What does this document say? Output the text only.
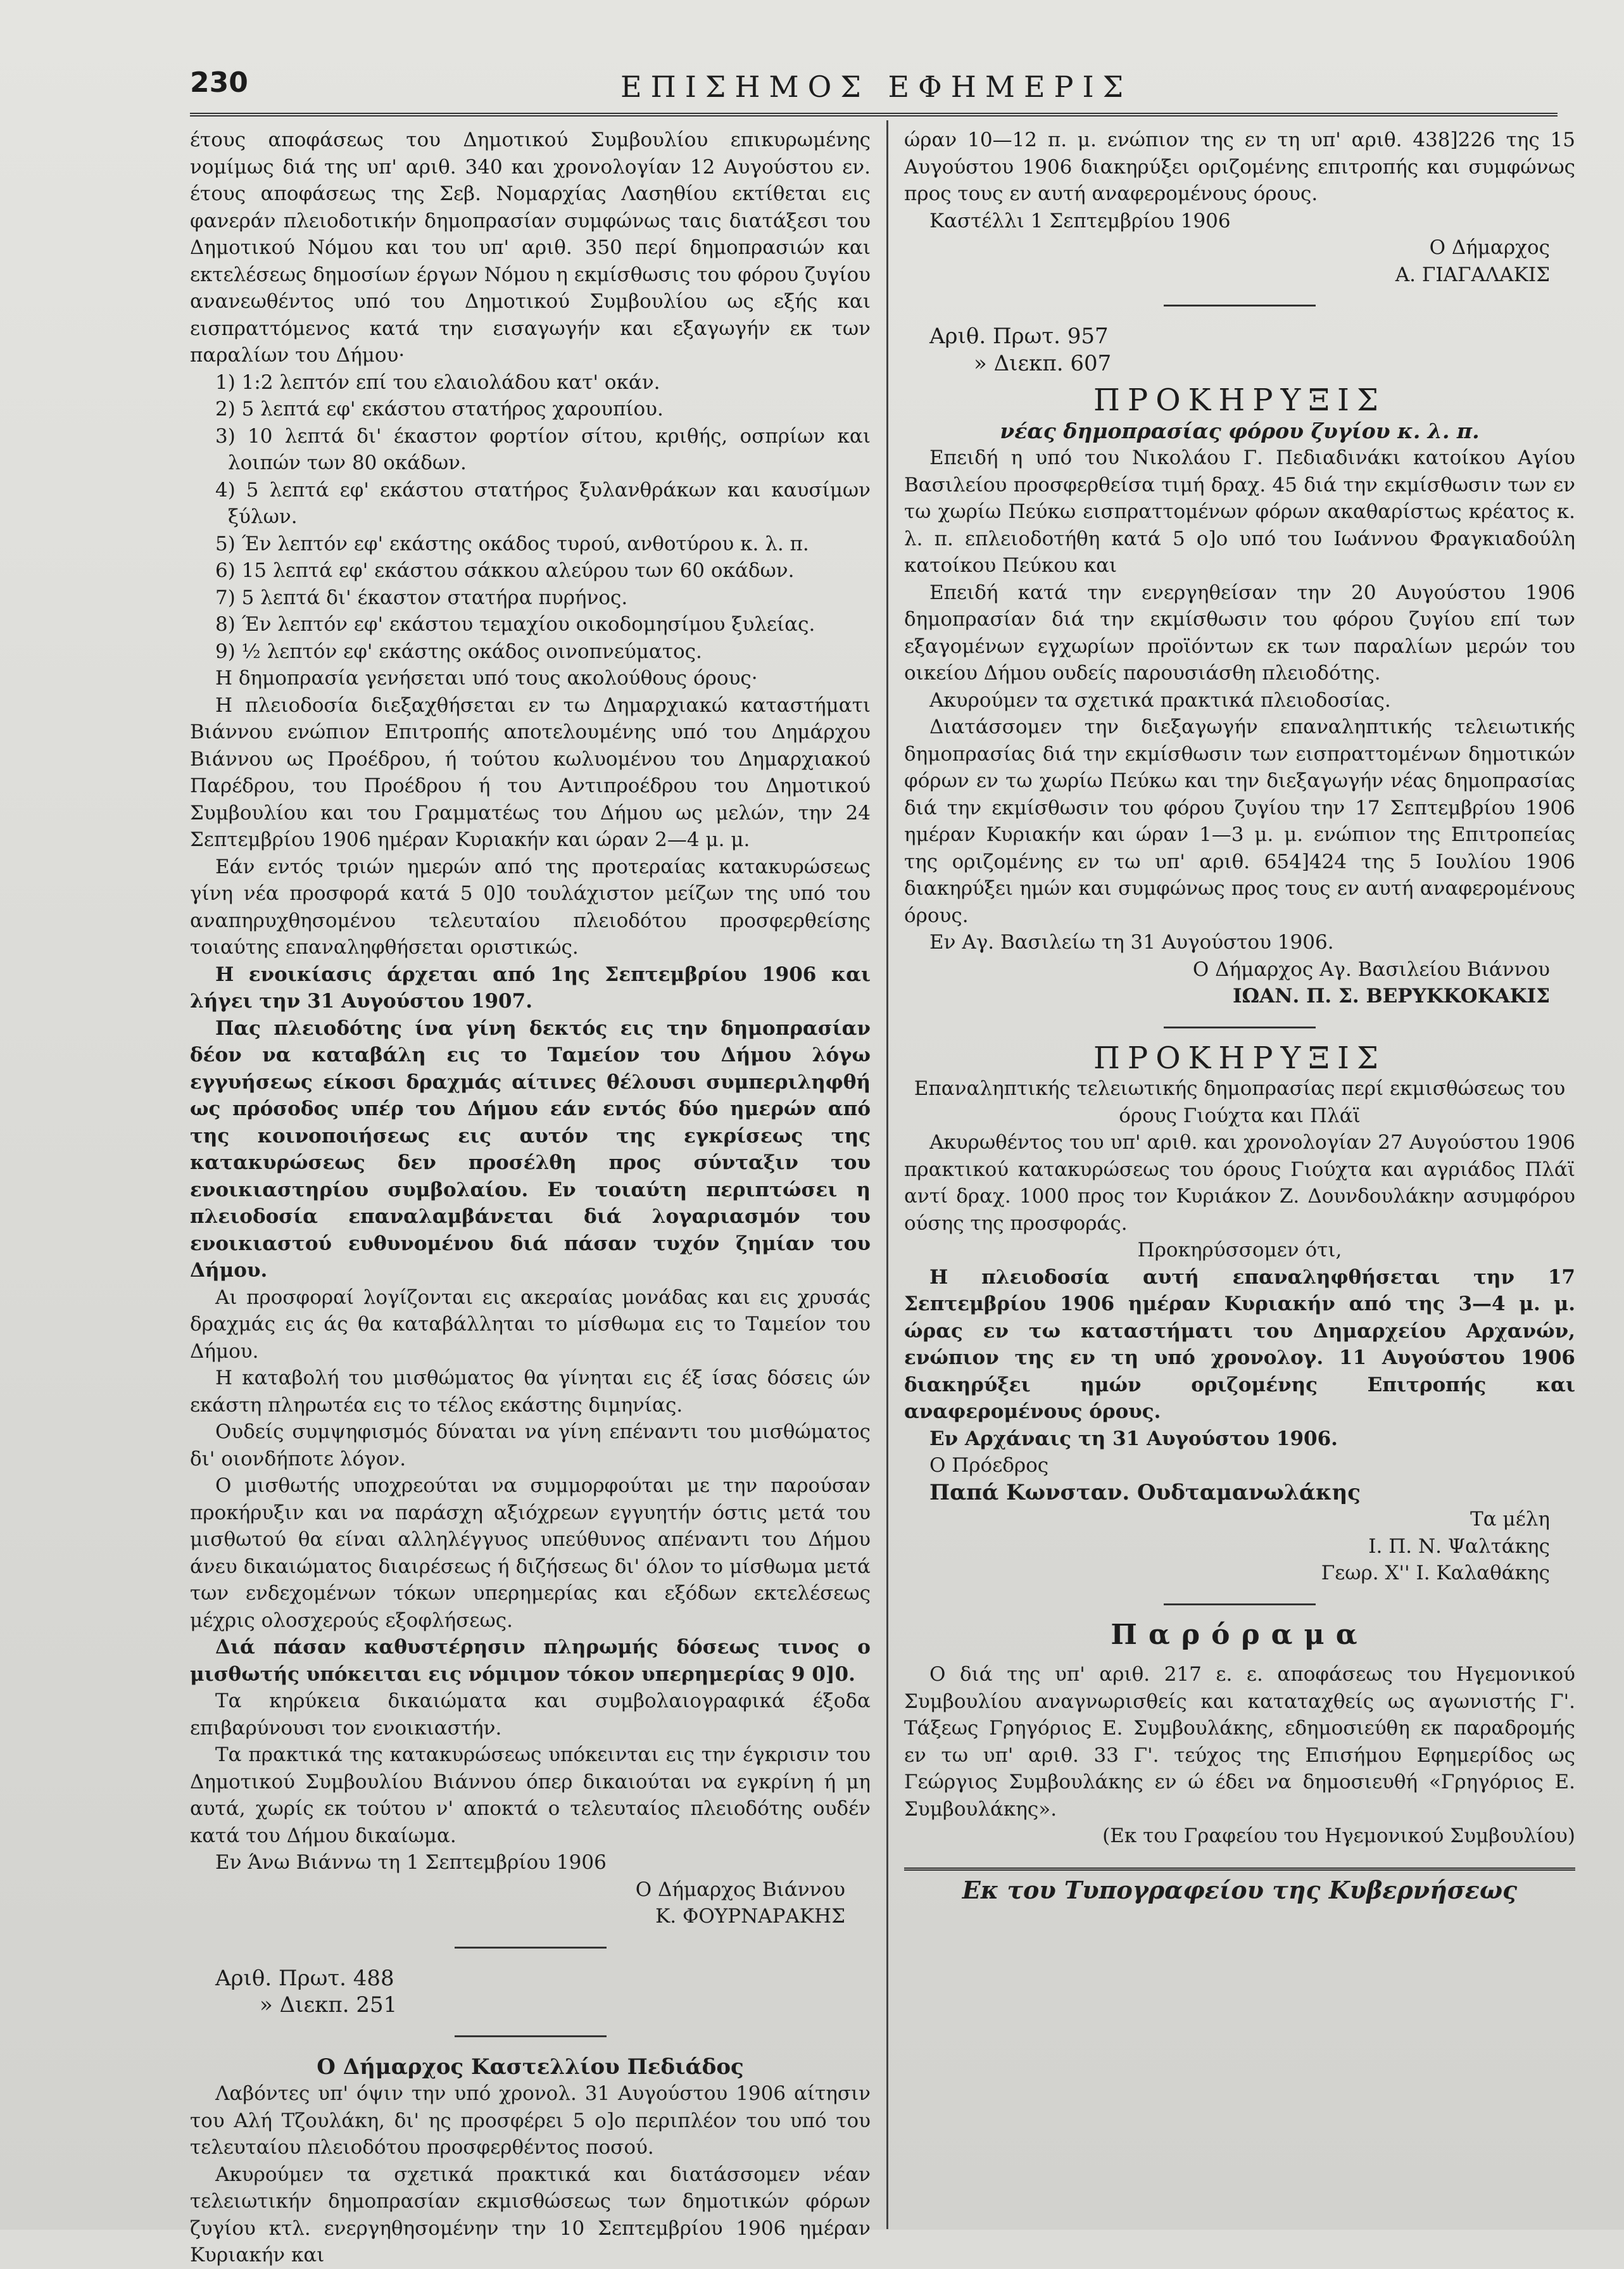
230	ΕΠΙΣΗΜΟΣ ΕΦΗΜΕΡΙΣ

έτους αποφάσεως του Δημοτικού Συμβουλίου επικυρωμένης νομίμως διά της υπ' αριθ. 340 και χρονολογίαν 12 Αυγούστου εν. έτους αποφάσεως της Σεβ. Νομαρχίας Λασηθίου εκτίθεται εις φανεράν πλειοδοτικήν δημοπρασίαν συμφώνως ταις διατάξεσι του Δημοτικού Νόμου και του υπ' αριθ. 350 περί δημοπρασιών και εκτελέσεως δημοσίων έργων Νόμου η εκμίσθωσις του φόρου ζυγίου ανανεωθέντος υπό του Δημοτικού Συμβουλίου ως εξής και εισπραττόμενος κατά την εισαγωγήν και εξαγωγήν εκ των παραλίων του Δήμου·

1) 1:2 λεπτόν επί του ελαιολάδου κατ' οκάν.

2) 5 λεπτά εφ' εκάστου στατήρος χαρουπίου.

3) 10 λεπτά δι' έκαστον φορτίον σίτου, κριθής, οσπρίων και λοιπών των 80 οκάδων.

4) 5 λεπτά εφ' εκάστου στατήρος ξυλανθράκων και καυσίμων ξύλων.

5) Έν λεπτόν εφ' εκάστης οκάδος τυρού, ανθοτύρου κ. λ. π.

6) 15 λεπτά εφ' εκάστου σάκκου αλεύρου των 60 οκάδων.

7) 5 λεπτά δι' έκαστον στατήρα πυρήνος.

8) Έν λεπτόν εφ' εκάστου τεμαχίου οικοδομησίμου ξυλείας.

9) ½ λεπτόν εφ' εκάστης οκάδος οινοπνεύματος.

Η δημοπρασία γενήσεται υπό τους ακολούθους όρους·

Η πλειοδοσία διεξαχθήσεται εν τω Δημαρχιακώ καταστήματι Βιάννου ενώπιον Επιτροπής αποτελουμένης υπό του Δημάρχου Βιάννου ως Προέδρου, ή τούτου κωλυομένου του Δημαρχιακού Παρέδρου, του Προέδρου ή του Αντιπροέδρου του Δημοτικού Συμβουλίου και του Γραμματέως του Δήμου ως μελών, την 24 Σεπτεμβρίου 1906 ημέραν Κυριακήν και ώραν 2—4 μ. μ.

Εάν εντός τριών ημερών από της προτεραίας κατακυρώσεως γίνη νέα προσφορά κατά 5 0]0 τουλάχιστον μείζων της υπό του αναπηρυχθησομένου τελευταίου πλειοδότου προσφερθείσης τοιαύτης επαναληφθήσεται οριστικώς.

Η ενοικίασις άρχεται από 1ης Σεπτεμβρίου 1906 και λήγει την 31 Αυγούστου 1907.

Πας πλειοδότης ίνα γίνη δεκτός εις την δημοπρασίαν δέον να καταβάλη εις το Ταμείον του Δήμου λόγω εγγυήσεως είκοσι δραχμάς αίτινες θέλουσι συμπεριληφθή ως πρόσοδος υπέρ του Δήμου εάν εντός δύο ημερών από της κοινοποιήσεως εις αυτόν της εγκρίσεως της κατακυρώσεως δεν προσέλθη προς σύνταξιν του ενοικιαστηρίου συμβολαίου. Εν τοιαύτη περιπτώσει η πλειοδοσία επαναλαμβάνεται διά λογαριασμόν του ενοικιαστού ευθυνομένου διά πάσαν τυχόν ζημίαν του Δήμου.

Αι προσφοραί λογίζονται εις ακεραίας μονάδας και εις χρυσάς δραχμάς εις άς θα καταβάλληται το μίσθωμα εις το Ταμείον του Δήμου.

Η καταβολή του μισθώματος θα γίνηται εις έξ ίσας δόσεις ών εκάστη πληρωτέα εις το τέλος εκάστης διμηνίας.

Ουδείς συμψηφισμός δύναται να γίνη επέναντι του μισθώματος δι' οιονδήποτε λόγον.

Ο μισθωτής υποχρεούται να συμμορφούται με την παρούσαν προκήρυξιν και να παράσχη αξιόχρεων εγγυητήν όστις μετά του μισθωτού θα είναι αλληλέγγυος υπεύθυνος απέναντι του Δήμου άνευ δικαιώματος διαιρέσεως ή διζήσεως δι' όλον το μίσθωμα μετά των ενδεχομένων τόκων υπερημερίας και εξόδων εκτελέσεως μέχρις ολοσχερούς εξοφλήσεως.

Διά πάσαν καθυστέρησιν πληρωμής δόσεως τινος ο μισθωτής υπόκειται εις νόμιμον τόκον υπερημερίας 9 0]0.

Τα κηρύκεια δικαιώματα και συμβολαιογραφικά έξοδα επιβαρύνουσι τον ενοικιαστήν.

Τα πρακτικά της κατακυρώσεως υπόκεινται εις την έγκρισιν του Δημοτικού Συμβουλίου Βιάννου όπερ δικαιούται να εγκρίνη ή μη αυτά, χωρίς εκ τούτου ν' αποκτά ο τελευταίος πλειοδότης ουδέν κατά του Δήμου δικαίωμα.

Εν Άνω Βιάννω τη 1 Σεπτεμβρίου 1906

Ο Δήμαρχος Βιάννου

Κ. ΦΟΥΡΝΑΡΑΚΗΣ

Αριθ. Πρωτ. 488

» Διεκπ. 251

Ο Δήμαρχος Καστελλίου Πεδιάδος

Λαβόντες υπ' όψιν την υπό χρονολ. 31 Αυγούστου 1906 αίτησιν του Αλή Τζουλάκη, δι' ης προσφέρει 5 ο]ο περιπλέον του υπό του τελευταίου πλειοδότου προσφερθέντος ποσού.

Ακυρούμεν τα σχετικά πρακτικά και διατάσσομεν νέαν τελειωτικήν δημοπρασίαν εκμισθώσεως των δημοτικών φόρων ζυγίου κτλ. ενεργηθησομένην την 10 Σεπτεμβρίου 1906 ημέραν Κυριακήν και

ώραν 10—12 π. μ. ενώπιον της εν τη υπ' αριθ. 438]226 της 15 Αυγούστου 1906 διακηρύξει οριζομένης επιτροπής και συμφώνως προς τους εν αυτή αναφερομένους όρους.

Καστέλλι 1 Σεπτεμβρίου 1906

Ο Δήμαρχος

Α. ΓΙΑΓΑΛΑΚΙΣ

Αριθ. Πρωτ. 957

» Διεκπ. 607

ΠΡΟΚΗΡΥΞΙΣ

νέας δημοπρασίας φόρου ζυγίου κ. λ. π.

Επειδή η υπό του Νικολάου Γ. Πεδιαδινάκι κατοίκου Αγίου Βασιλείου προσφερθείσα τιμή δραχ. 45 διά την εκμίσθωσιν των εν τω χωρίω Πεύκω εισπραττομένων φόρων ακαθαρίστως κρέατος κ. λ. π. επλειοδοτήθη κατά 5 ο]ο υπό του Ιωάννου Φραγκιαδούλη κατοίκου Πεύκου και

Επειδή κατά την ενεργηθείσαν την 20 Αυγούστου 1906 δημοπρασίαν διά την εκμίσθωσιν του φόρου ζυγίου επί των εξαγομένων εγχωρίων προϊόντων εκ των παραλίων μερών του οικείου Δήμου ουδείς παρουσιάσθη πλειοδότης.

Ακυρούμεν τα σχετικά πρακτικά πλειοδοσίας.

Διατάσσομεν την διεξαγωγήν επαναληπτικής τελειωτικής δημοπρασίας διά την εκμίσθωσιν των εισπραττομένων δημοτικών φόρων εν τω χωρίω Πεύκω και την διεξαγωγήν νέας δημοπρασίας διά την εκμίσθωσιν του φόρου ζυγίου την 17 Σεπτεμβρίου 1906 ημέραν Κυριακήν και ώραν 1—3 μ. μ. ενώπιον της Επιτροπείας της οριζομένης εν τω υπ' αριθ. 654]424 της 5 Ιουλίου 1906 διακηρύξει ημών και συμφώνως προς τους εν αυτή αναφερομένους όρους.

Εν Αγ. Βασιλείω τη 31 Αυγούστου 1906.

Ο Δήμαρχος Αγ. Βασιλείου Βιάννου

ΙΩΑΝ. Π. Σ. ΒΕΡΥΚΚΟΚΑΚΙΣ

ΠΡΟΚΗΡΥΞΙΣ

Επαναληπτικής τελειωτικής δημοπρασίας περί εκμισθώσεως του όρους Γιούχτα και Πλάϊ

Ακυρωθέντος του υπ' αριθ. και χρονολογίαν 27 Αυγούστου 1906 πρακτικού κατακυρώσεως του όρους Γιούχτα και αγριάδος Πλάϊ αντί δραχ. 1000 προς τον Κυριάκον Ζ. Δουνδουλάκην ασυμφόρου ούσης της προσφοράς.

Προκηρύσσομεν ότι,

Η πλειοδοσία αυτή επαναληφθήσεται την 17 Σεπτεμβρίου 1906 ημέραν Κυριακήν από της 3—4 μ. μ. ώρας εν τω καταστήματι του Δημαρχείου Αρχανών, ενώπιον της εν τη υπό χρονολογ. 11 Αυγούστου 1906 διακηρύξει ημών οριζομένης Επιτροπής και αναφερομένους όρους.

Εν Αρχάναις τη 31 Αυγούστου 1906.

Ο Πρόεδρος

Παπά Κωνσταν. Ουδταμανωλάκης

Τα μέλη

Ι. Π. Ν. Ψαλτάκης

Γεωρ. Χ'' Ι. Καλαθάκης

Παρόραμα

Ο διά της υπ' αριθ. 217 ε. ε. αποφάσεως του Ηγεμονικού Συμβουλίου αναγνωρισθείς και καταταχθείς ως αγωνιστής Γ'. Τάξεως Γρηγόριος Ε. Συμβουλάκης, εδημοσιεύθη εκ παραδρομής εν τω υπ' αριθ. 33 Γ'. τεύχος της Επισήμου Εφημερίδος ως Γεώργιος Συμβουλάκης εν ώ έδει να δημοσιευθή «Γρηγόριος Ε. Συμβουλάκης».

(Εκ του Γραφείου του Ηγεμονικού Συμβουλίου)

Εκ του Τυπογραφείου της Κυβερνήσεως
